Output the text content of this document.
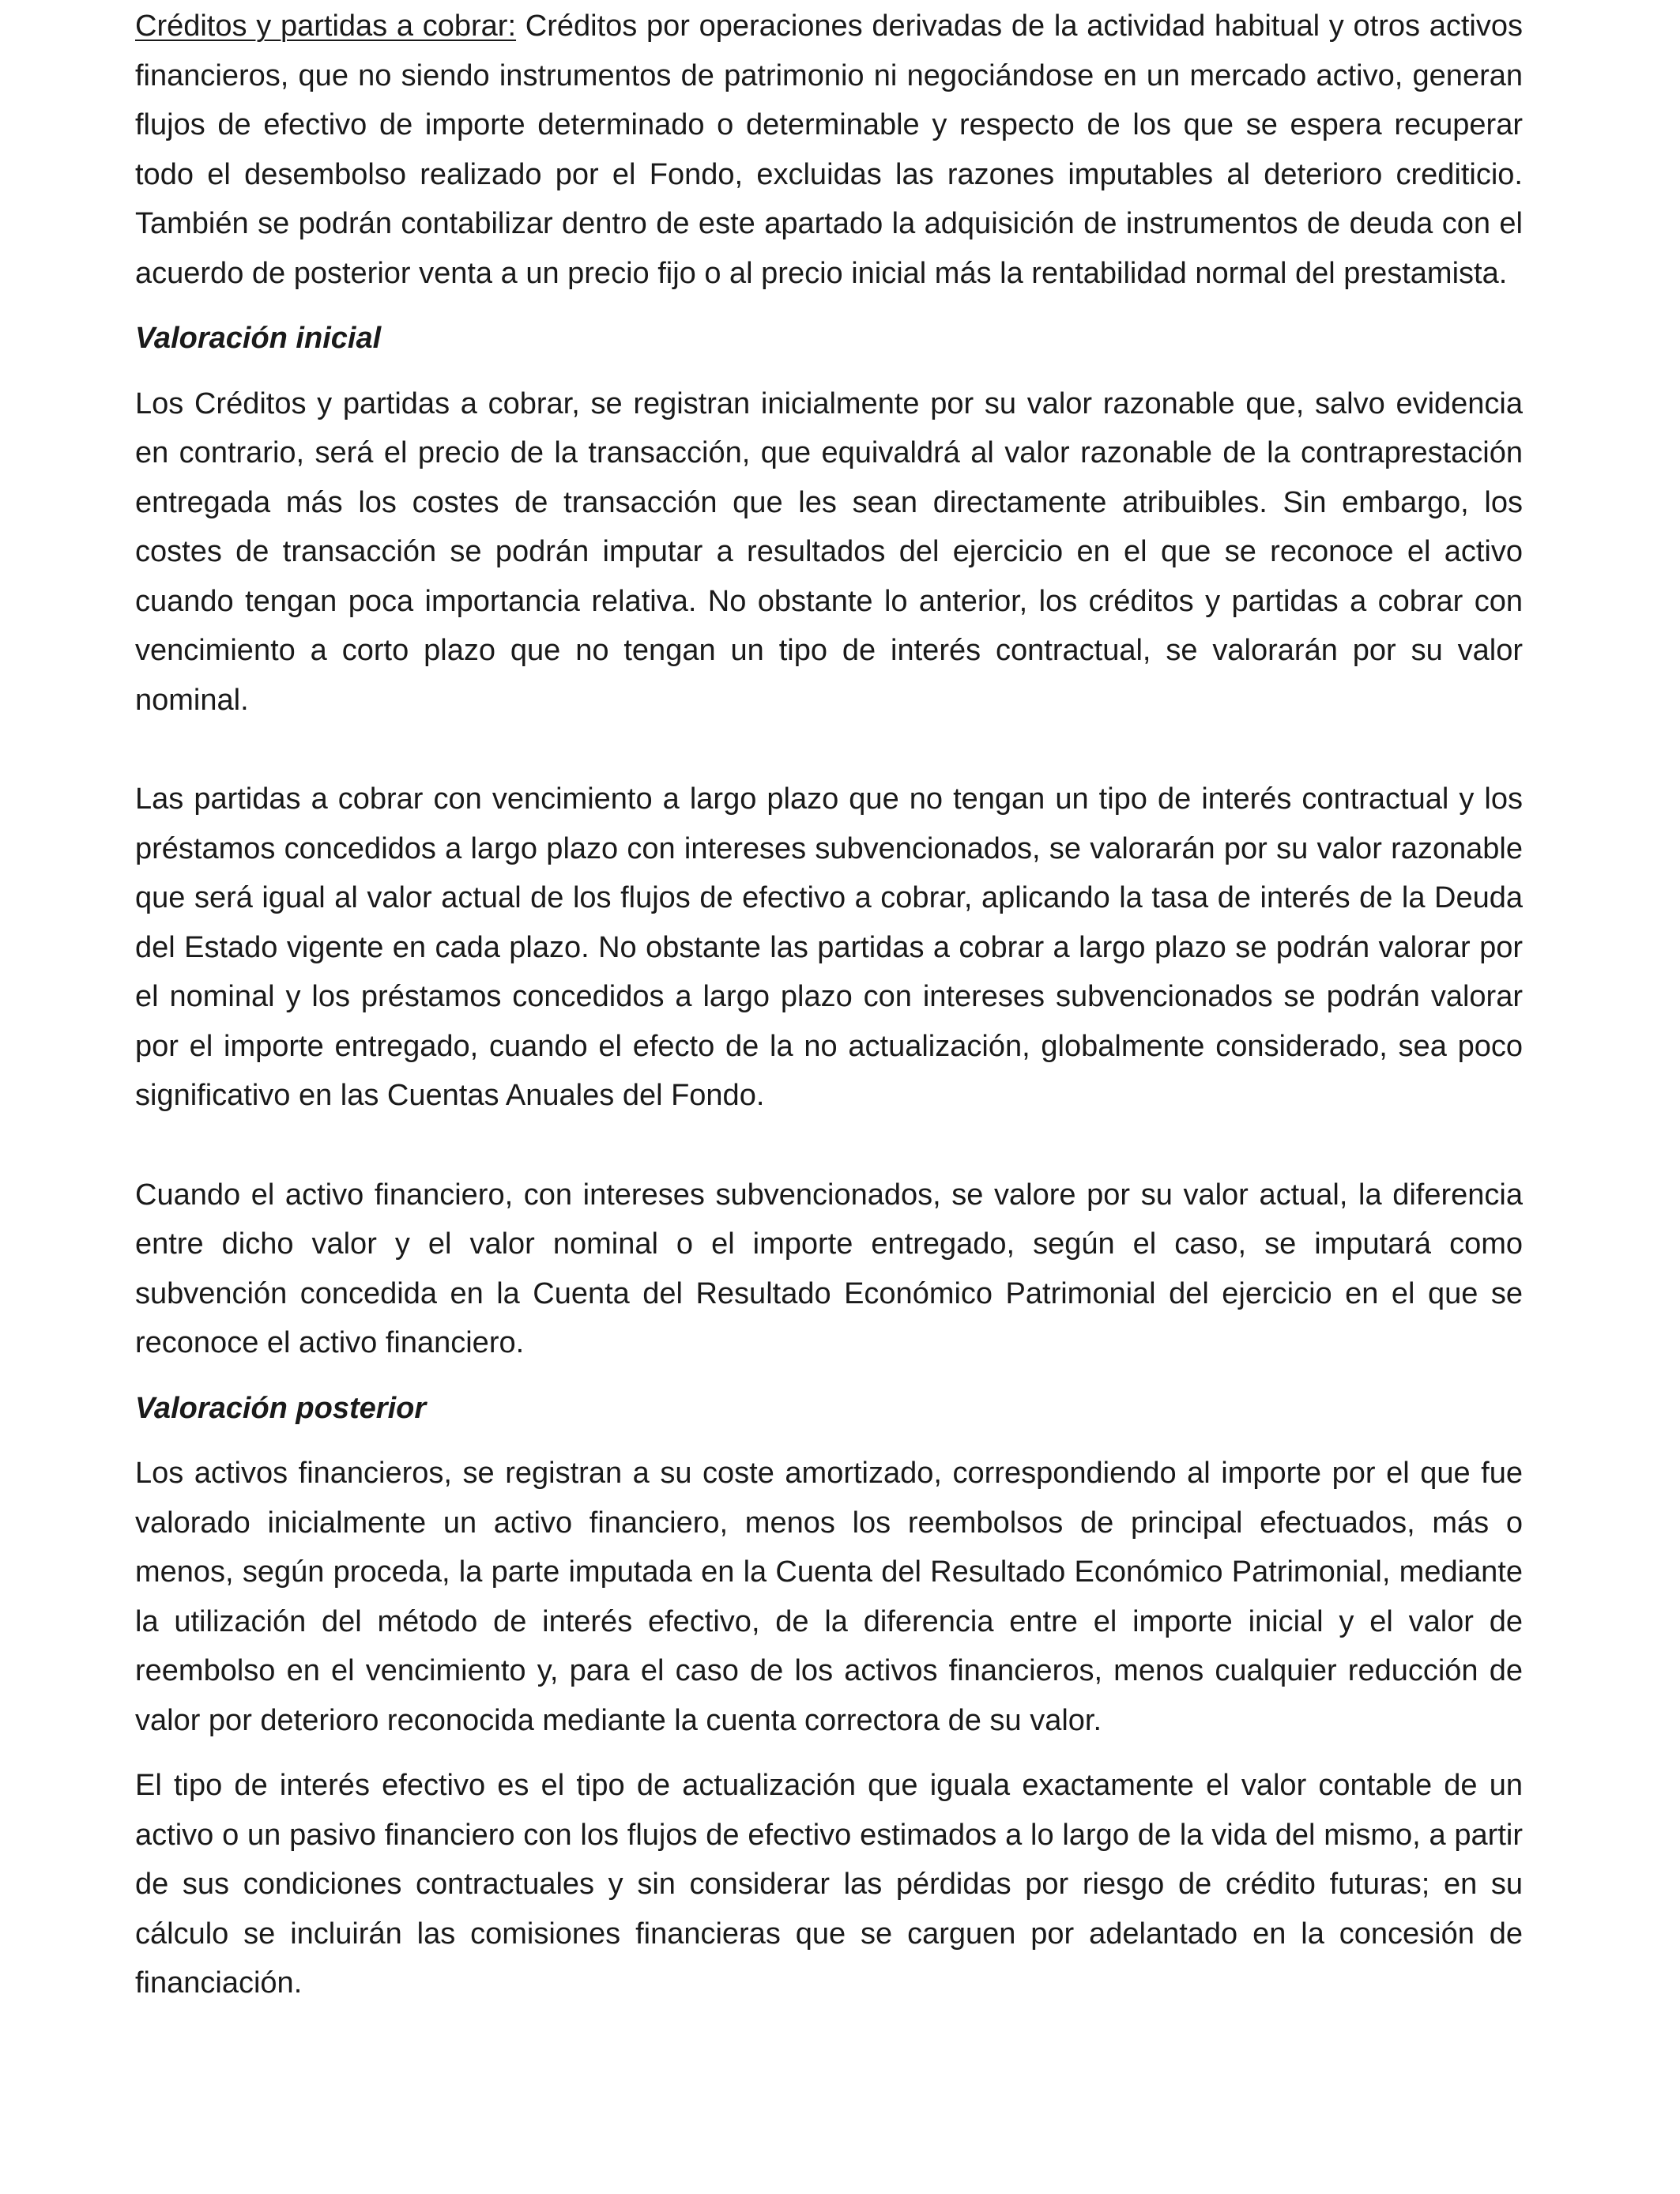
Créditos y partidas a cobrar: Créditos por operaciones derivadas de la actividad habitual y otros activos financieros, que no siendo instrumentos de patrimonio ni negociándose en un mercado activo, generan flujos de efectivo de importe determinado o determinable y respecto de los que se espera recuperar todo el desembolso realizado por el Fondo, excluidas las razones imputables al deterioro crediticio. También se podrán contabilizar dentro de este apartado la adquisición de instrumentos de deuda con el acuerdo de posterior venta a un precio fijo o al precio inicial más la rentabilidad normal del prestamista.

Valoración inicial

Los Créditos y partidas a cobrar, se registran inicialmente por su valor razonable que, salvo evidencia en contrario, será el precio de la transacción, que equivaldrá al valor razonable de la contraprestación entregada más los costes de transacción que les sean directamente atribuibles. Sin embargo, los costes de transacción se podrán imputar a resultados del ejercicio en el que se reconoce el activo cuando tengan poca importancia relativa. No obstante lo anterior, los créditos y partidas a cobrar con vencimiento a corto plazo que no tengan un tipo de interés contractual, se valorarán por su valor nominal.

Las partidas a cobrar con vencimiento a largo plazo que no tengan un tipo de interés contractual y los préstamos concedidos a largo plazo con intereses subvencionados, se valorarán por su valor razonable que será igual al valor actual de los flujos de efectivo a cobrar, aplicando la tasa de interés de la Deuda del Estado vigente en cada plazo. No obstante las partidas a cobrar a largo plazo se podrán valorar por el nominal y los préstamos concedidos a largo plazo con intereses subvencionados se podrán valorar por el importe entregado, cuando el efecto de la no actualización, globalmente considerado, sea poco significativo en las Cuentas Anuales del Fondo.

Cuando el activo financiero, con intereses subvencionados, se valore por su valor actual, la diferencia entre dicho valor y el valor nominal o el importe entregado, según el caso, se imputará como subvención concedida en la Cuenta del Resultado Económico Patrimonial del ejercicio en el que se reconoce el activo financiero.

Valoración posterior

Los activos financieros, se registran a su coste amortizado, correspondiendo al importe por el que fue valorado inicialmente un activo financiero, menos los reembolsos de principal efectuados, más o menos, según proceda, la parte imputada en la Cuenta del Resultado Económico Patrimonial, mediante la utilización del método de interés efectivo, de la diferencia entre el importe inicial y el valor de reembolso en el vencimiento y, para el caso de los activos financieros, menos cualquier reducción de valor por deterioro reconocida mediante la cuenta correctora de su valor.

El tipo de interés efectivo es el tipo de actualización que iguala exactamente el valor contable de un activo o un pasivo financiero con los flujos de efectivo estimados a lo largo de la vida del mismo, a partir de sus condiciones contractuales y sin considerar las pérdidas por riesgo de crédito futuras; en su cálculo se incluirán las comisiones financieras que se carguen por adelantado en la concesión de financiación.
